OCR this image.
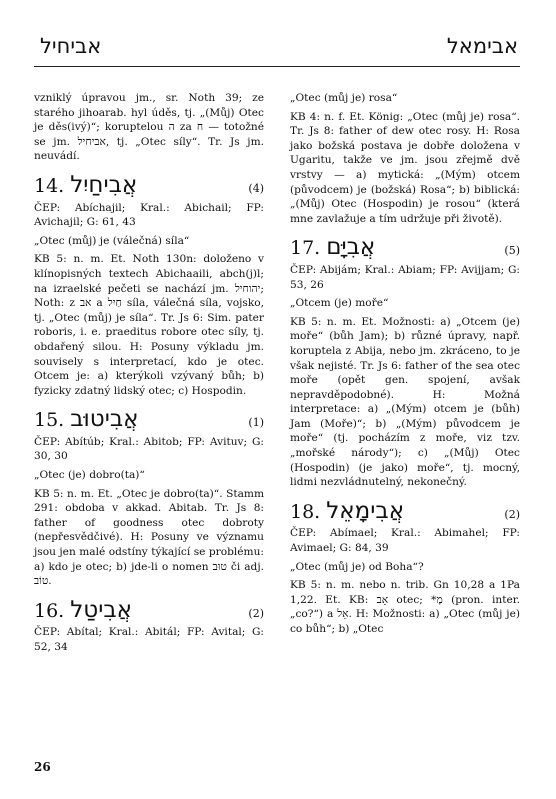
אביחיל	אבימאל

vzniklý úpravou jm., sr. Noth 39; ze starého jihoarab. hyl úděs, tj. „(Můj) Otec je děs(ivý)“; koruptelou ה za ח — totožné se jm. אביחיל, tj. „Otec síly“. Tr. Js jm. neuvádí.

14. אֲבִיחַיִל	(4)

ČEP: Abíchajil; Kral.: Abichail; FP: Avichajil; G: 61, 43

„Otec (můj) je (válečná) síla“

KB 5: n. m. Et. Noth 130n: doloženo v klínopisných textech Abichaaili, abch(j)l; na izraelské pečeti se nachází jm. יהוחיל; Noth: z אב a חַיִל síla, válečná síla, vojsko, tj. „Otec (můj) je síla“. Tr. Js 6: Sim. pater roboris, i. e. praeditus robore otec síly, tj. obdařený silou. H: Posuny výkladu jm. souvisely s interpretací, kdo je otec. Otcem je: a) kterýkoli vzývaný bůh; b) fyzicky zdatný lidský otec; c) Hospodin.

15. אֲבִיטוּב	(1)

ČEP: Abítúb; Kral.: Abitob; FP: Avituv; G: 30, 30

„Otec (je) dobro(ta)“

KB 5: n. m. Et. „Otec je dobro(ta)“. Stamm 291: obdoba v akkad. Abitab. Tr. Js 8: father of goodness otec dobroty (nepřesvědčivé). H: Posuny ve významu jsou jen malé odstíny týkající se problému: a) kdo je otec; b) jde-li o nomen טוּב či adj. טוֹב.

16. אֲבִיטַל	(2)

ČEP: Abítal; Kral.: Abitál; FP: Avital; G: 52, 34

„Otec (můj je) rosa“

KB 4: n. f. Et. König: „Otec (můj je) rosa“. Tr. Js 8: father of dew otec rosy. H: Rosa jako božská postava je dobře doložena v Ugaritu, takže ve jm. jsou zřejmě dvě vrstvy — a) mytická: „(Mým) otcem (původcem) je (božská) Rosa“; b) biblická: „(Můj) Otec (Hospodin) je rosou“ (která mne zavlažuje a tím udržuje při životě).

17. אֲבִיָּם	(5)

ČEP: Abijám; Kral.: Abiam; FP: Avijjam; G: 53, 26

„Otcem (je) moře“

KB 5: n. m. Et. Možnosti: a) „Otcem (je) moře“ (bůh Jam); b) různé úpravy, např. koruptela z Abija, nebo jm. zkráceno, to je však nejisté. Tr. Js 6: father of the sea otec moře (opět gen. spojení, avšak nepravděpodobné). H: Možná interpretace: a) „(Mým) otcem je (bůh) Jam (Moře)“; b) „(Mým) původcem je moře“ (tj. pocházím z moře, viz tzv. „mořské národy“); c) „(Můj) Otec (Hospodin) (je jako) moře“, tj. mocný, lidmi nezvládnutelný, nekonečný.

18. אֲבִימָאֵל	(2)

ČEP: Abímael; Kral.: Abimahel; FP: Avimael; G: 84, 39

„Otec (můj je) od Boha“?

KB 5: n. m. nebo n. trib. Gn 10,28 a 1Pa 1,22. Et. KB: אָב otec; *מָ (pron. inter. „co?“) a אֵל. H: Možnosti: a) „Otec (můj je) co bůh“; b) „Otec

26
